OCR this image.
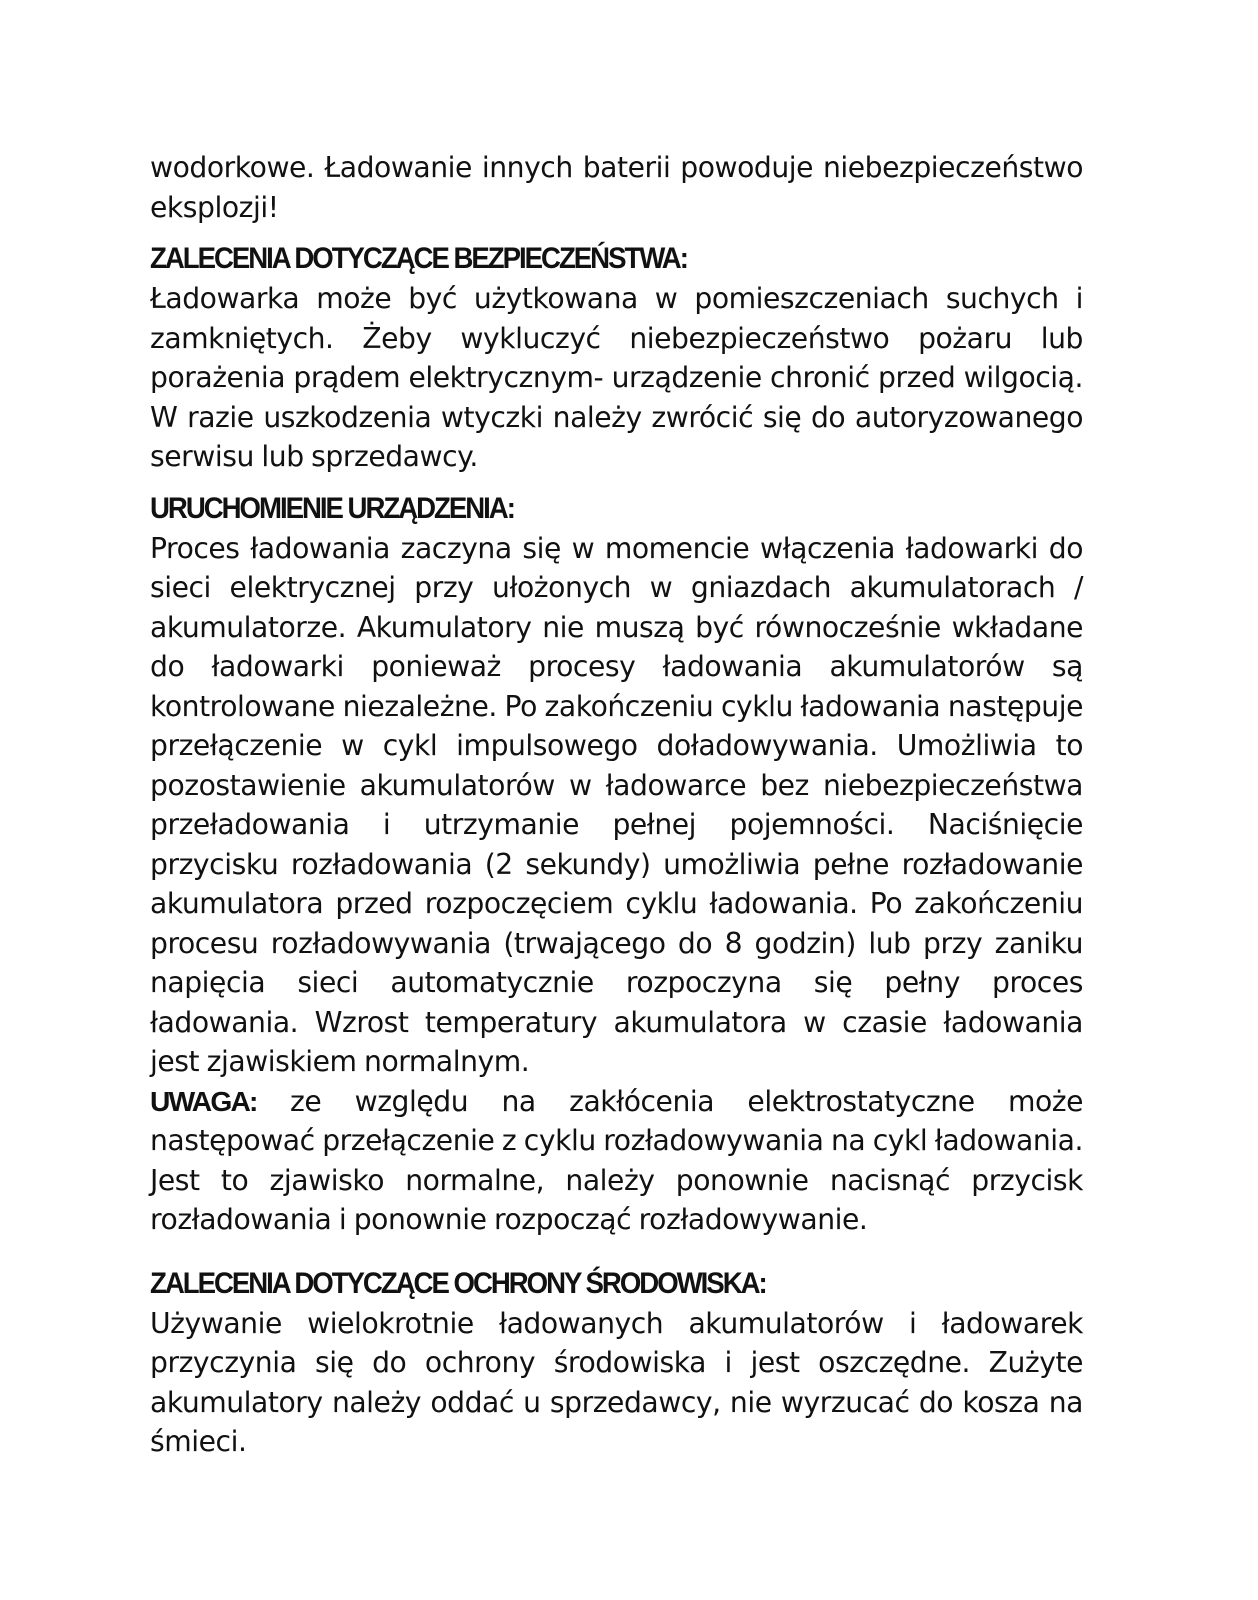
wodorkowe. Ładowanie innych baterii powoduje niebezpieczeństwo eksplozji!

ZALECENIA DOTYCZĄCE BEZPIECZEŃSTWA:

Ładowarka może być użytkowana w pomieszczeniach suchych i zamkniętych. Żeby wykluczyć niebezpieczeństwo pożaru lub porażenia prądem elektrycznym- urządzenie chronić przed wilgocią. W razie uszkodzenia wtyczki należy zwrócić się do autoryzowanego serwisu lub sprzedawcy.

URUCHOMIENIE URZĄDZENIA:

Proces ładowania zaczyna się w momencie włączenia ładowarki do sieci elektrycznej przy ułożonych w gniazdach akumulatorach / akumulatorze. Akumulatory nie muszą być równocześnie wkładane do ładowarki ponieważ procesy ładowania akumulatorów są kontrolowane niezależne. Po zakończeniu cyklu ładowania następuje przełączenie w cykl impulsowego doładowywania. Umożliwia to pozostawienie akumulatorów w ładowarce bez niebezpieczeństwa przeładowania i utrzymanie pełnej pojemności. Naciśnięcie przycisku rozładowania (2 sekundy) umożliwia pełne rozładowanie akumulatora przed rozpoczęciem cyklu ładowania. Po zakończeniu procesu rozładowywania (trwającego do 8 godzin) lub przy zaniku napięcia sieci automatycznie rozpoczyna się pełny proces ładowania. Wzrost temperatury akumulatora w czasie ładowania jest zjawiskiem normalnym.

UWAGA: ze względu na zakłócenia elektrostatyczne może następować przełączenie z cyklu rozładowywania na cykl ładowania. Jest to zjawisko normalne, należy ponownie nacisnąć przycisk rozładowania i ponownie rozpocząć rozładowywanie.

ZALECENIA DOTYCZĄCE OCHRONY ŚRODOWISKA:

Używanie wielokrotnie ładowanych akumulatorów i ładowarek przyczynia się do ochrony środowiska i jest oszczędne. Zużyte akumulatory należy oddać u sprzedawcy, nie wyrzucać do kosza na śmieci.
